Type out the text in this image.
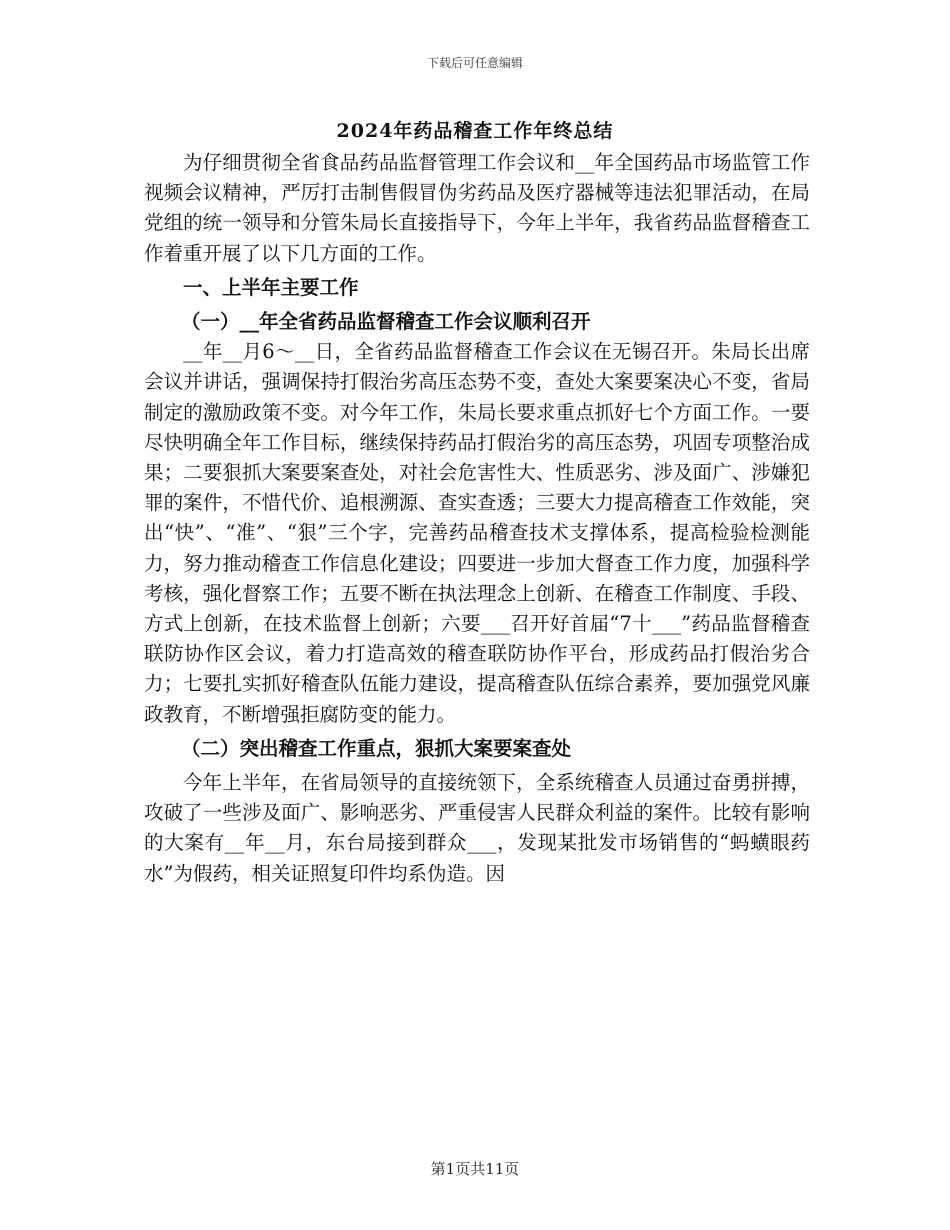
下载后可任意编辑
2024年药品稽查工作年终总结

为仔细贯彻全省食品药品监督管理工作会议和__年全国药品市场监管工作视频会议精神，严厉打击制售假冒伪劣药品及医疗器械等违法犯罪活动，在局党组的统一领导和分管朱局长直接指导下，今年上半年，我省药品监督稽查工作着重开展了以下几方面的工作。

一、上半年主要工作

（一）__年全省药品监督稽查工作会议顺利召开

__年__月6～__日，全省药品监督稽查工作会议在无锡召开。朱局长出席会议并讲话，强调保持打假治劣高压态势不变，查处大案要案决心不变，省局制定的激励政策不变。对今年工作，朱局长要求重点抓好七个方面工作。一要尽快明确全年工作目标，继续保持药品打假治劣的高压态势，巩固专项整治成果；二要狠抓大案要案查处，对社会危害性大、性质恶劣、涉及面广、涉嫌犯罪的案件，不惜代价、追根溯源、查实查透；三要大力提高稽查工作效能，突出“快”、“准”、“狠”三个字，完善药品稽查技术支撑体系，提高检验检测能力，努力推动稽查工作信息化建设；四要进一步加大督查工作力度，加强科学考核，强化督察工作；五要不断在执法理念上创新、在稽查工作制度、手段、方式上创新，在技术监督上创新；六要___召开好首届“7十___”药品监督稽查联防协作区会议，着力打造高效的稽查联防协作平台，形成药品打假治劣合力；七要扎实抓好稽查队伍能力建设，提高稽查队伍综合素养，要加强党风廉政教育，不断增强拒腐防变的能力。

（二）突出稽查工作重点，狠抓大案要案查处

今年上半年，在省局领导的直接统领下，全系统稽查人员通过奋勇拼搏，攻破了一些涉及面广、影响恶劣、严重侵害人民群众利益的案件。比较有影响的大案有__年__月，东台局接到群众___，发现某批发市场销售的“蚂蟥眼药水”为假药，相关证照复印件均系伪造。因

第1页共11页
